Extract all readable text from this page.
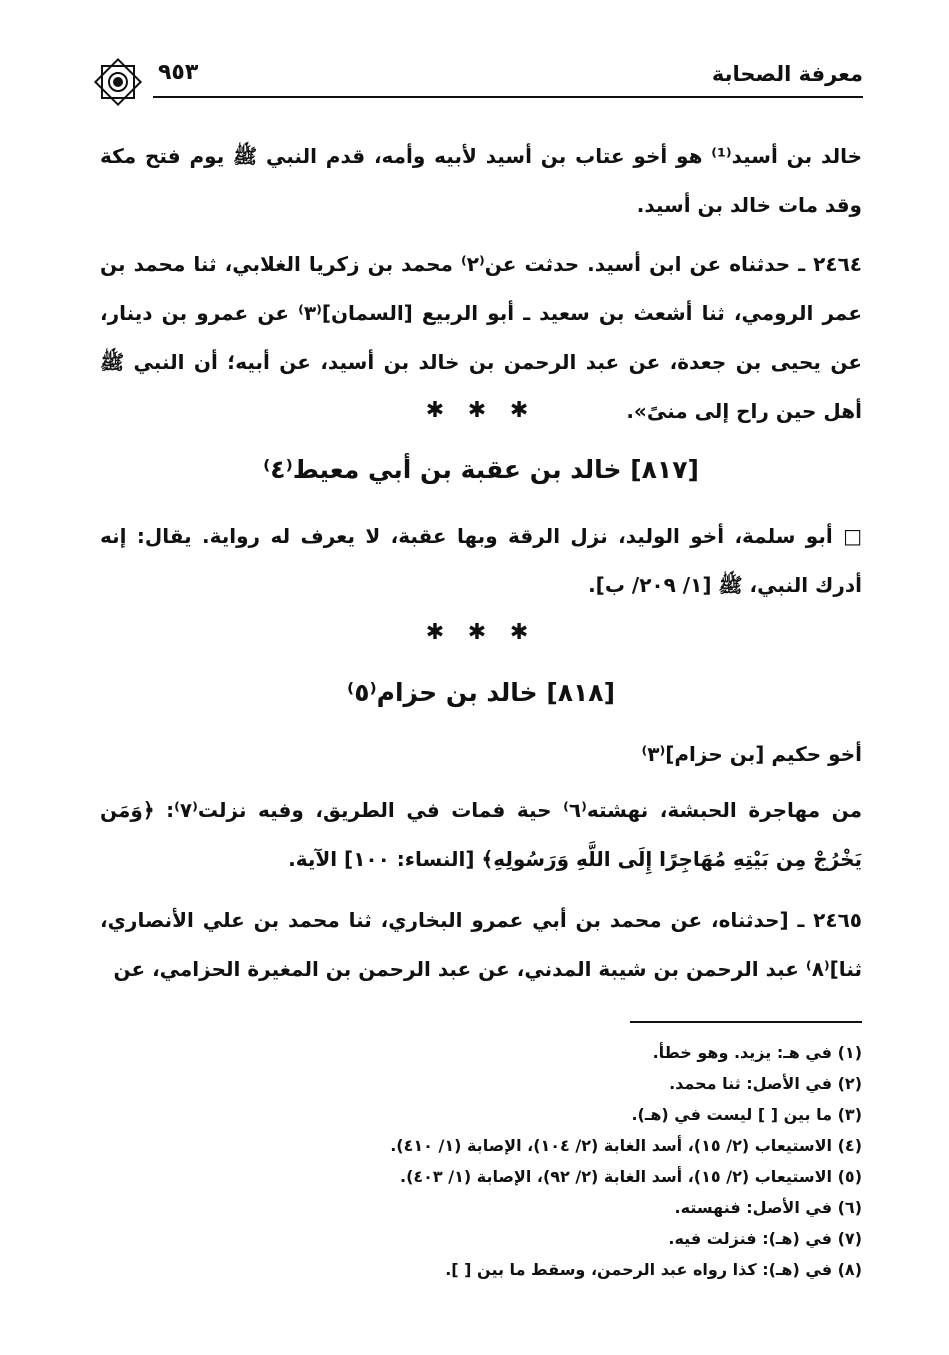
٩٥٣	معرفة الصحابة
خالد بن أسيد⁽¹⁾ هو أخو عتاب بن أسيد لأبيه وأمه، قدم النبي ﷺ يوم فتح مكة وقد مات خالد بن أسيد.
٢٤٦٤ ـ حدثناه عن ابن أسيد. حدثت عن⁽٢⁾ محمد بن زكريا الغلابي، ثنا محمد بن عمر الرومي، ثنا أشعث بن سعيد ـ أبو الربيع [السمان]⁽٣⁾ عن عمرو بن دينار، عن يحيى بن جعدة، عن عبد الرحمن بن خالد بن أسيد، عن أبيه؛ أن النبي ﷺ أهل حين راح إلى منىً».
✱ ✱ ✱
[٨١٧] خالد بن عقبة بن أبي معيط⁽٤⁾
□ أبو سلمة، أخو الوليد، نزل الرقة وبها عقبة، لا يعرف له رواية. يقال: إنه أدرك النبي، ﷺ [١/ ٢٠٩/ ب].
✱ ✱ ✱
[٨١٨] خالد بن حزام⁽٥⁾
أخو حكيم [بن حزام]⁽٣⁾
من مهاجرة الحبشة، نهشته⁽٦⁾ حية فمات في الطريق، وفيه نزلت⁽٧⁾: ﴿وَمَن يَخْرُجْ مِن بَيْتِهِ مُهَاجِرًا إِلَى اللَّهِ وَرَسُولِهِ﴾ [النساء: ١٠٠] الآية.
٢٤٦٥ ـ [حدثناه، عن محمد بن أبي عمرو البخاري، ثنا محمد بن علي الأنصاري، ثنا]⁽٨⁾ عبد الرحمن بن شيبة المدني، عن عبد الرحمن بن المغيرة الحزامي، عن
(١) في هـ: يزيد. وهو خطأ.
(٢) في الأصل: ثنا محمد.
(٣) ما بين [ ] ليست في (هـ).
(٤) الاستيعاب (٢/ ١٥)، أسد الغابة (٢/ ١٠٤)، الإصابة (١/ ٤١٠).
(٥) الاستيعاب (٢/ ١٥)، أسد الغابة (٢/ ٩٢)، الإصابة (١/ ٤٠٣).
(٦) في الأصل: فنهسته.
(٧) في (هـ): فنزلت فيه.
(٨) في (هـ): كذا رواه عبد الرحمن، وسقط ما بين [ ].
